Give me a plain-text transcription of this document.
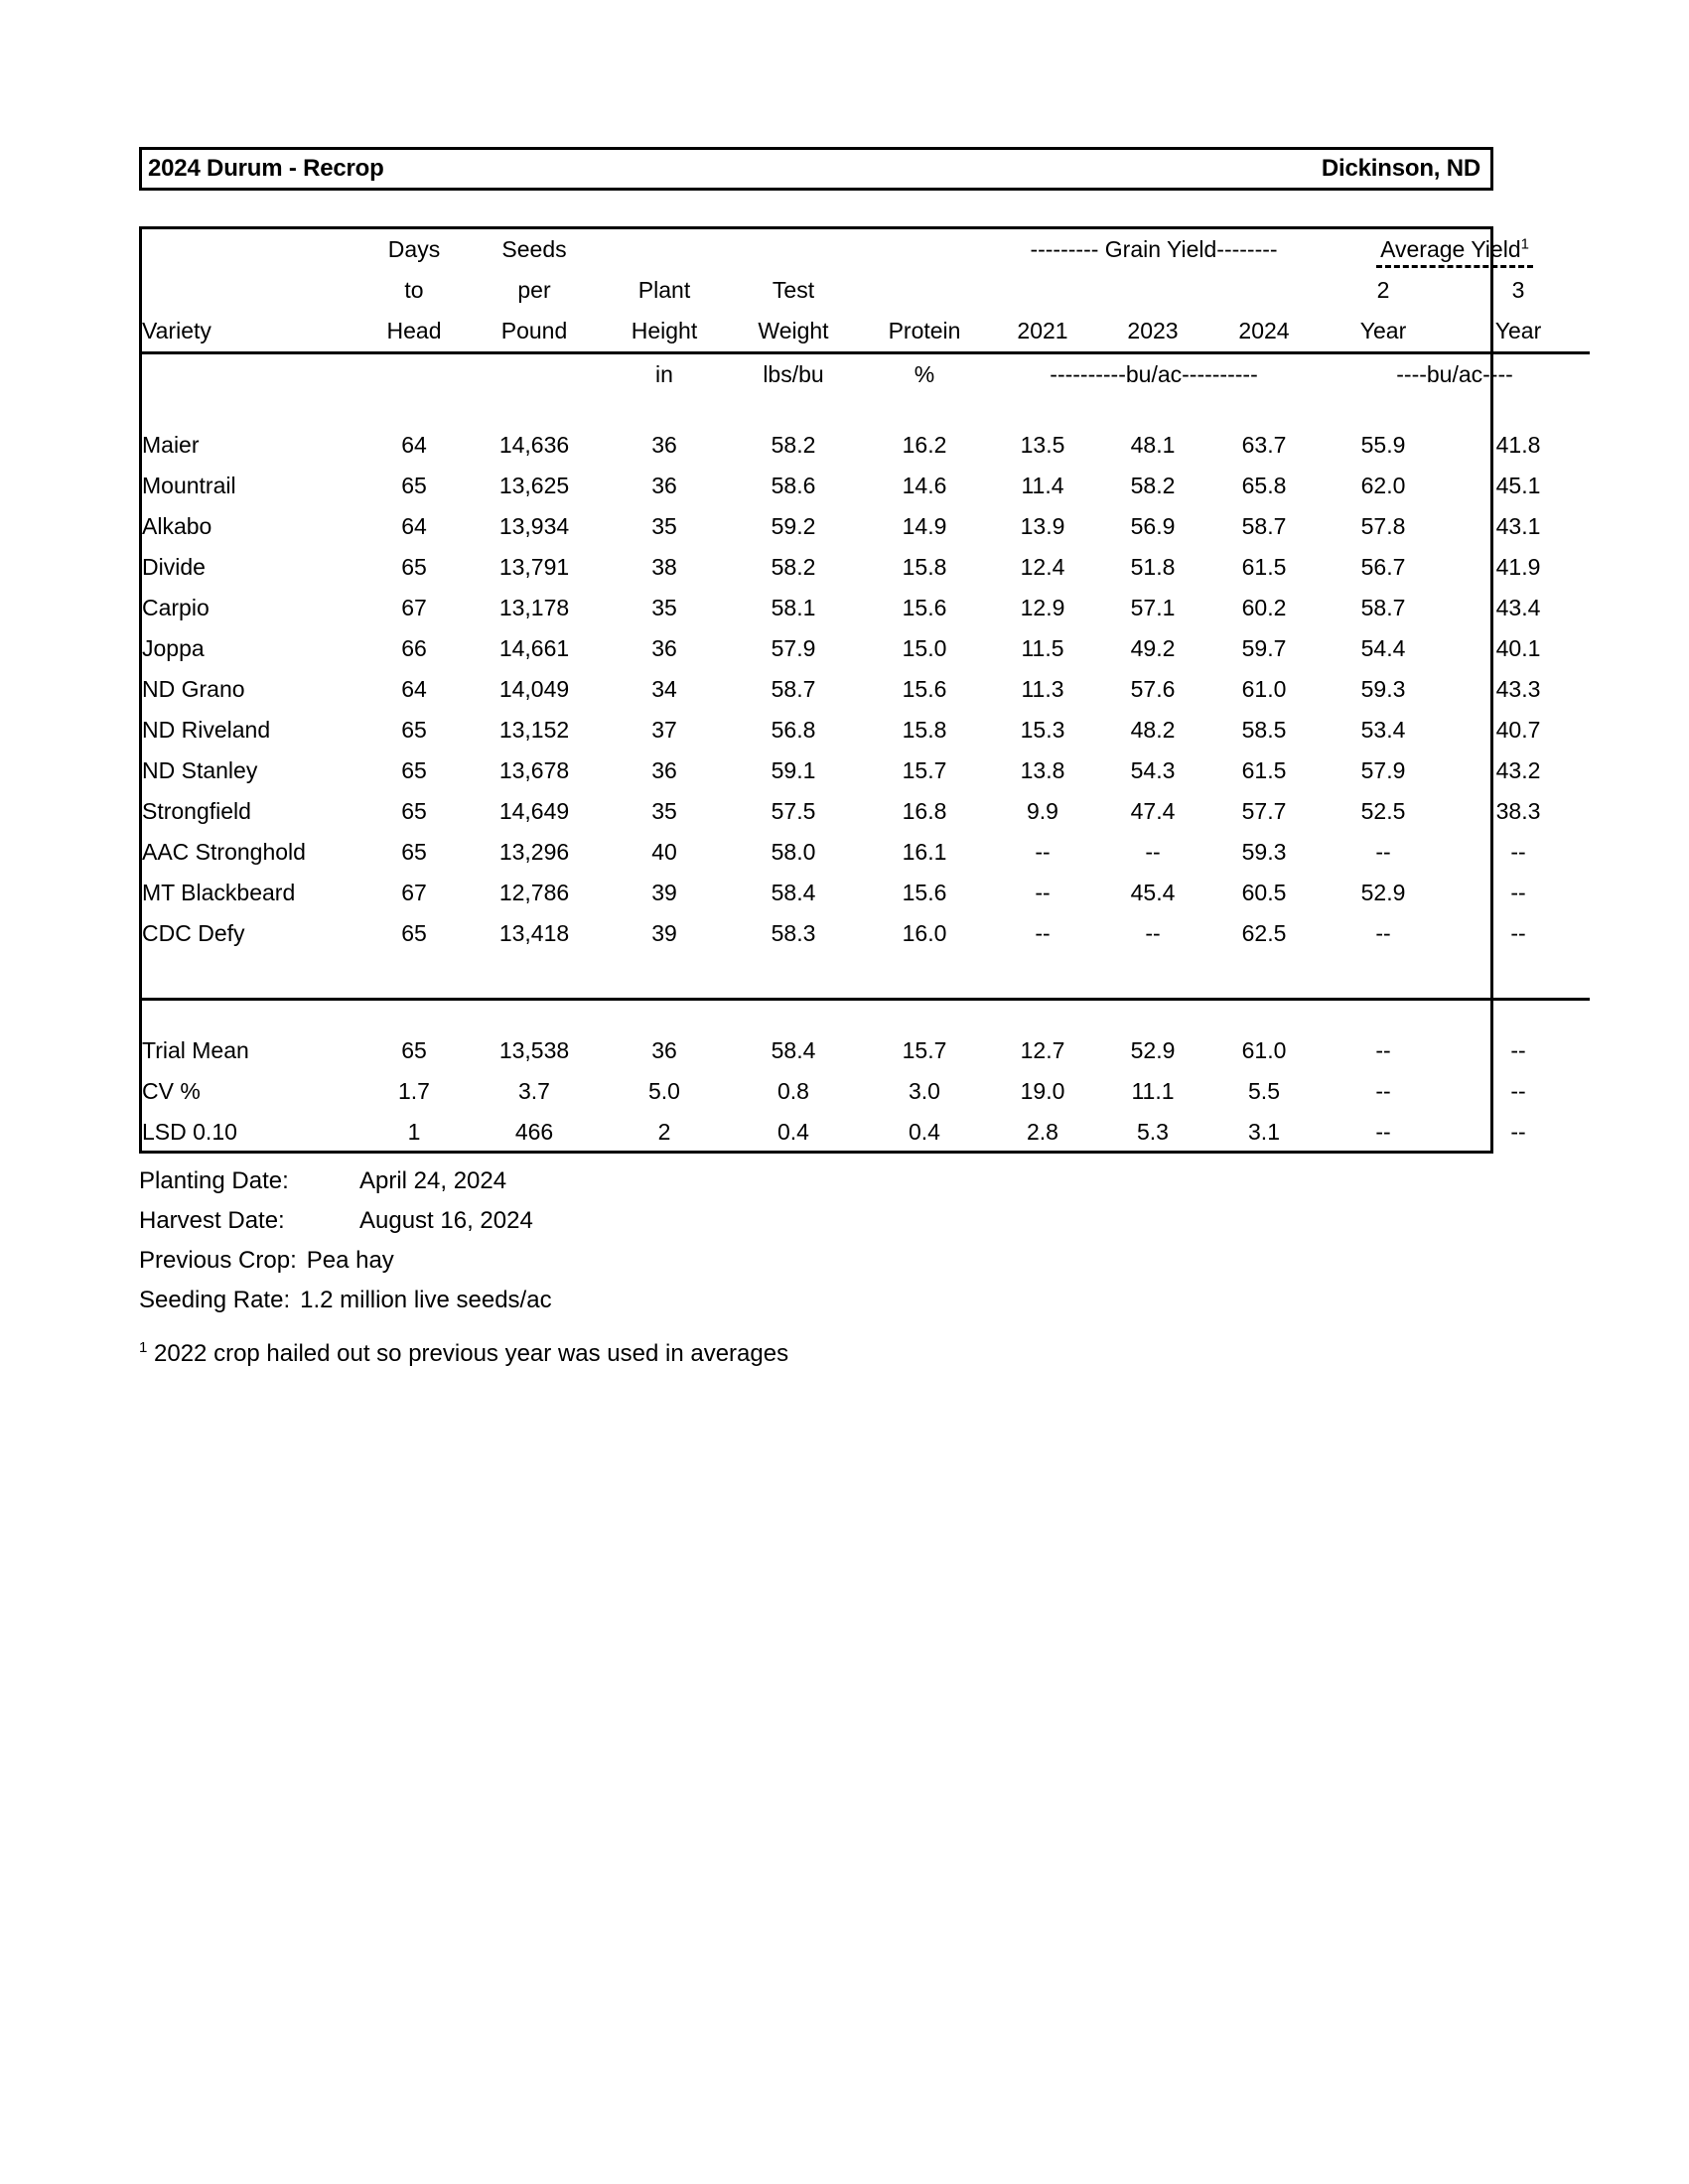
2024 Durum - Recrop	Dickinson, ND
	Days	Seeds				--------- Grain Yield--------			Average Yield$^1$

	to	per	Plant	Test					2	3
Variety	Head	Pound	Height	Weight	Protein	2021	2023	2024	Year	Year
			in	lbs/bu	%	----------bu/ac----------			----bu/ac----	

Maier	64	14,636	36	58.2	16.2	13.5	48.1	63.7	55.9	41.8
Mountrail	65	13,625	36	58.6	14.6	11.4	58.2	65.8	62.0	45.1
Alkabo	64	13,934	35	59.2	14.9	13.9	56.9	58.7	57.8	43.1
Divide	65	13,791	38	58.2	15.8	12.4	51.8	61.5	56.7	41.9
Carpio	67	13,178	35	58.1	15.6	12.9	57.1	60.2	58.7	43.4
Joppa	66	14,661	36	57.9	15.0	11.5	49.2	59.7	54.4	40.1
ND Grano	64	14,049	34	58.7	15.6	11.3	57.6	61.0	59.3	43.3
ND Riveland	65	13,152	37	56.8	15.8	15.3	48.2	58.5	53.4	40.7
ND Stanley	65	13,678	36	59.1	15.7	13.8	54.3	61.5	57.9	43.2
Strongfield	65	14,649	35	57.5	16.8	9.9	47.4	57.7	52.5	38.3
AAC Stronghold	65	13,296	40	58.0	16.1	--	--	59.3	--	--
MT Blackbeard	67	12,786	39	58.4	15.6	--	45.4	60.5	52.9	--
CDC Defy	65	13,418	39	58.3	16.0	--	--	62.5	--	--

Trial Mean	65	13,538	36	58.4	15.7	12.7	52.9	61.0	--	--
CV %	1.7	3.7	5.0	0.8	3.0	19.0	11.1	5.5	--	--
LSD 0.10	1	466	2	0.4	0.4	2.8	5.3	3.1	--	--
Planting Date:	April 24, 2024
Harvest Date:	August 16, 2024
Previous Crop: Pea hay
Seeding Rate: 1.2 million live seeds/ac
$^1$ 2022 crop hailed out so previous year was used in averages
